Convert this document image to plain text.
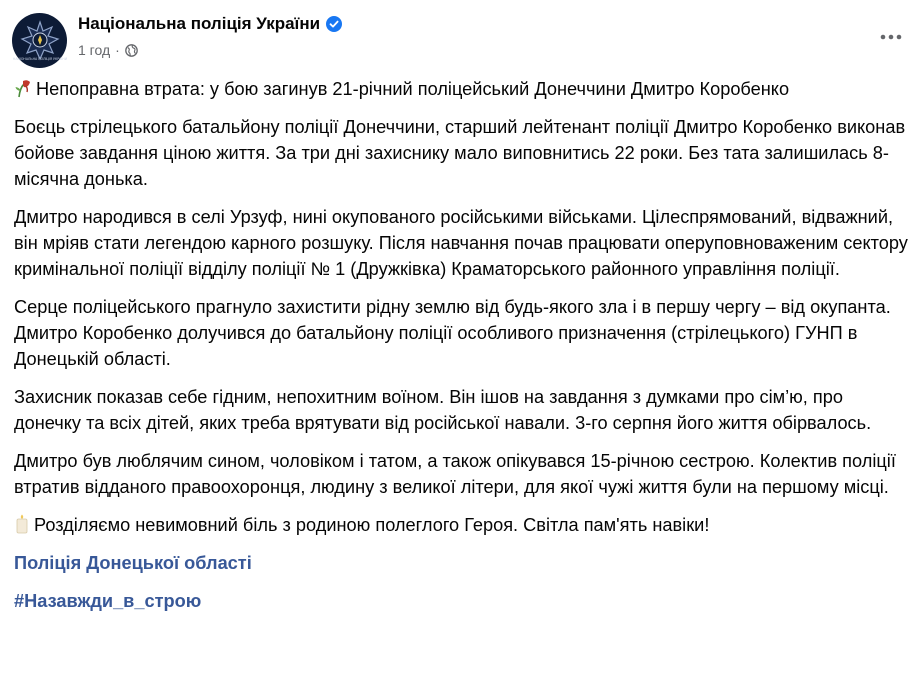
НАЦІОНАЛЬНА ПОЛІЦІЯ УКРАЇНИ
Національна поліція України
1 год ·

Непоправна втрата: у бою загинув 21-річний поліцейський Донеччини Дмитро Коробенко

Боєць стрілецького батальйону поліції Донеччини, старший лейтенант поліції Дмитро Коробенко виконав бойове завдання ціною життя. За три дні захиснику мало виповнитись 22 роки. Без тата залишилась 8-місячна донька.

Дмитро народився в селі Урзуф, нині окупованого російськими військами. Цілеспрямований, відважний, він мріяв стати легендою карного розшуку. Після навчання почав працювати оперуповноваженим сектору кримінальної поліції відділу поліції № 1 (Дружківка) Краматорського районного управління поліції.

Серце поліцейського прагнуло захистити рідну землю від будь-якого зла і в першу чергу – від окупанта. Дмитро Коробенко долучився до батальйону поліції особливого призначення (стрілецького) ГУНП в Донецькій області.

Захисник показав себе гідним, непохитним воїном. Він ішов на завдання з думками про сім’ю, про донечку та всіх дітей, яких треба врятувати від російської навали. 3-го серпня його життя обірвалось.

Дмитро був люблячим сином, чоловіком і татом, а також опікувався 15-річною сестрою. Колектив поліції втратив відданого правоохоронця, людину з великої літери, для якої чужі життя були на першому місці.

Розділяємо невимовний біль з родиною полеглого Героя. Світла пам'ять навіки!

Поліція Донецької області

#Назавжди_в_строю
